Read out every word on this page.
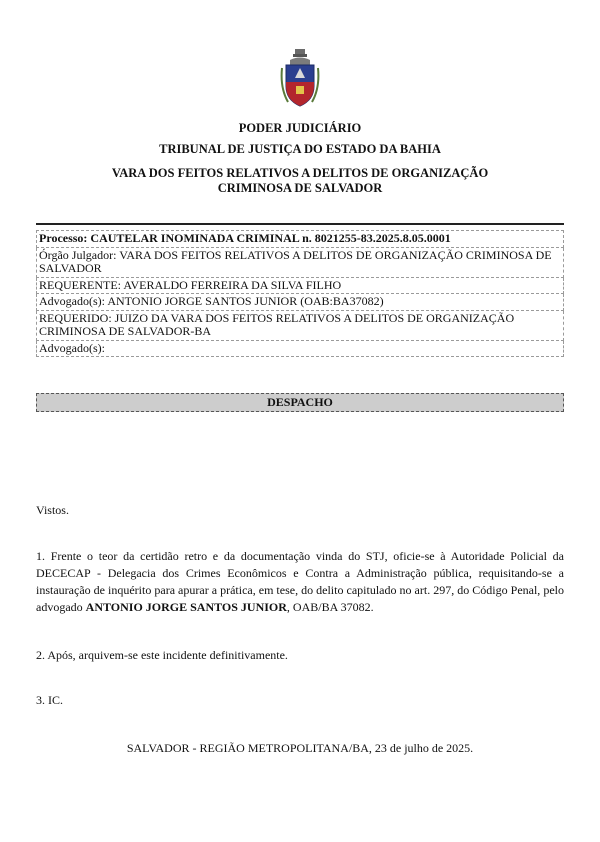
PODER JUDICIÁRIO
TRIBUNAL DE JUSTIÇA DO ESTADO DA BAHIA
VARA DOS FEITOS RELATIVOS A DELITOS DE ORGANIZAÇÃO CRIMINOSA DE SALVADOR
Processo: CAUTELAR INOMINADA CRIMINAL n. 8021255-83.2025.8.05.0001
Órgão Julgador: VARA DOS FEITOS RELATIVOS A DELITOS DE ORGANIZAÇÃO CRIMINOSA DE SALVADOR
REQUERENTE: AVERALDO FERREIRA DA SILVA FILHO
Advogado(s): ANTONIO JORGE SANTOS JUNIOR (OAB:BA37082)
REQUERIDO: JUIZO DA VARA DOS FEITOS RELATIVOS A DELITOS DE ORGANIZAÇÃO CRIMINOSA DE SALVADOR-BA
Advogado(s):
DESPACHO
Vistos.
1. Frente o teor da certidão retro e da documentação vinda do STJ, oficie-se à Autoridade Policial da DECECAP - Delegacia dos Crimes Econômicos e Contra a Administração pública, requisitando-se a instauração de inquérito para apurar a prática, em tese, do delito capitulado no art. 297, do Código Penal, pelo advogado ANTONIO JORGE SANTOS JUNIOR, OAB/BA 37082.
2. Após, arquivem-se este incidente definitivamente.
3. IC.
SALVADOR - REGIÃO METROPOLITANA/BA, 23 de julho de 2025.
